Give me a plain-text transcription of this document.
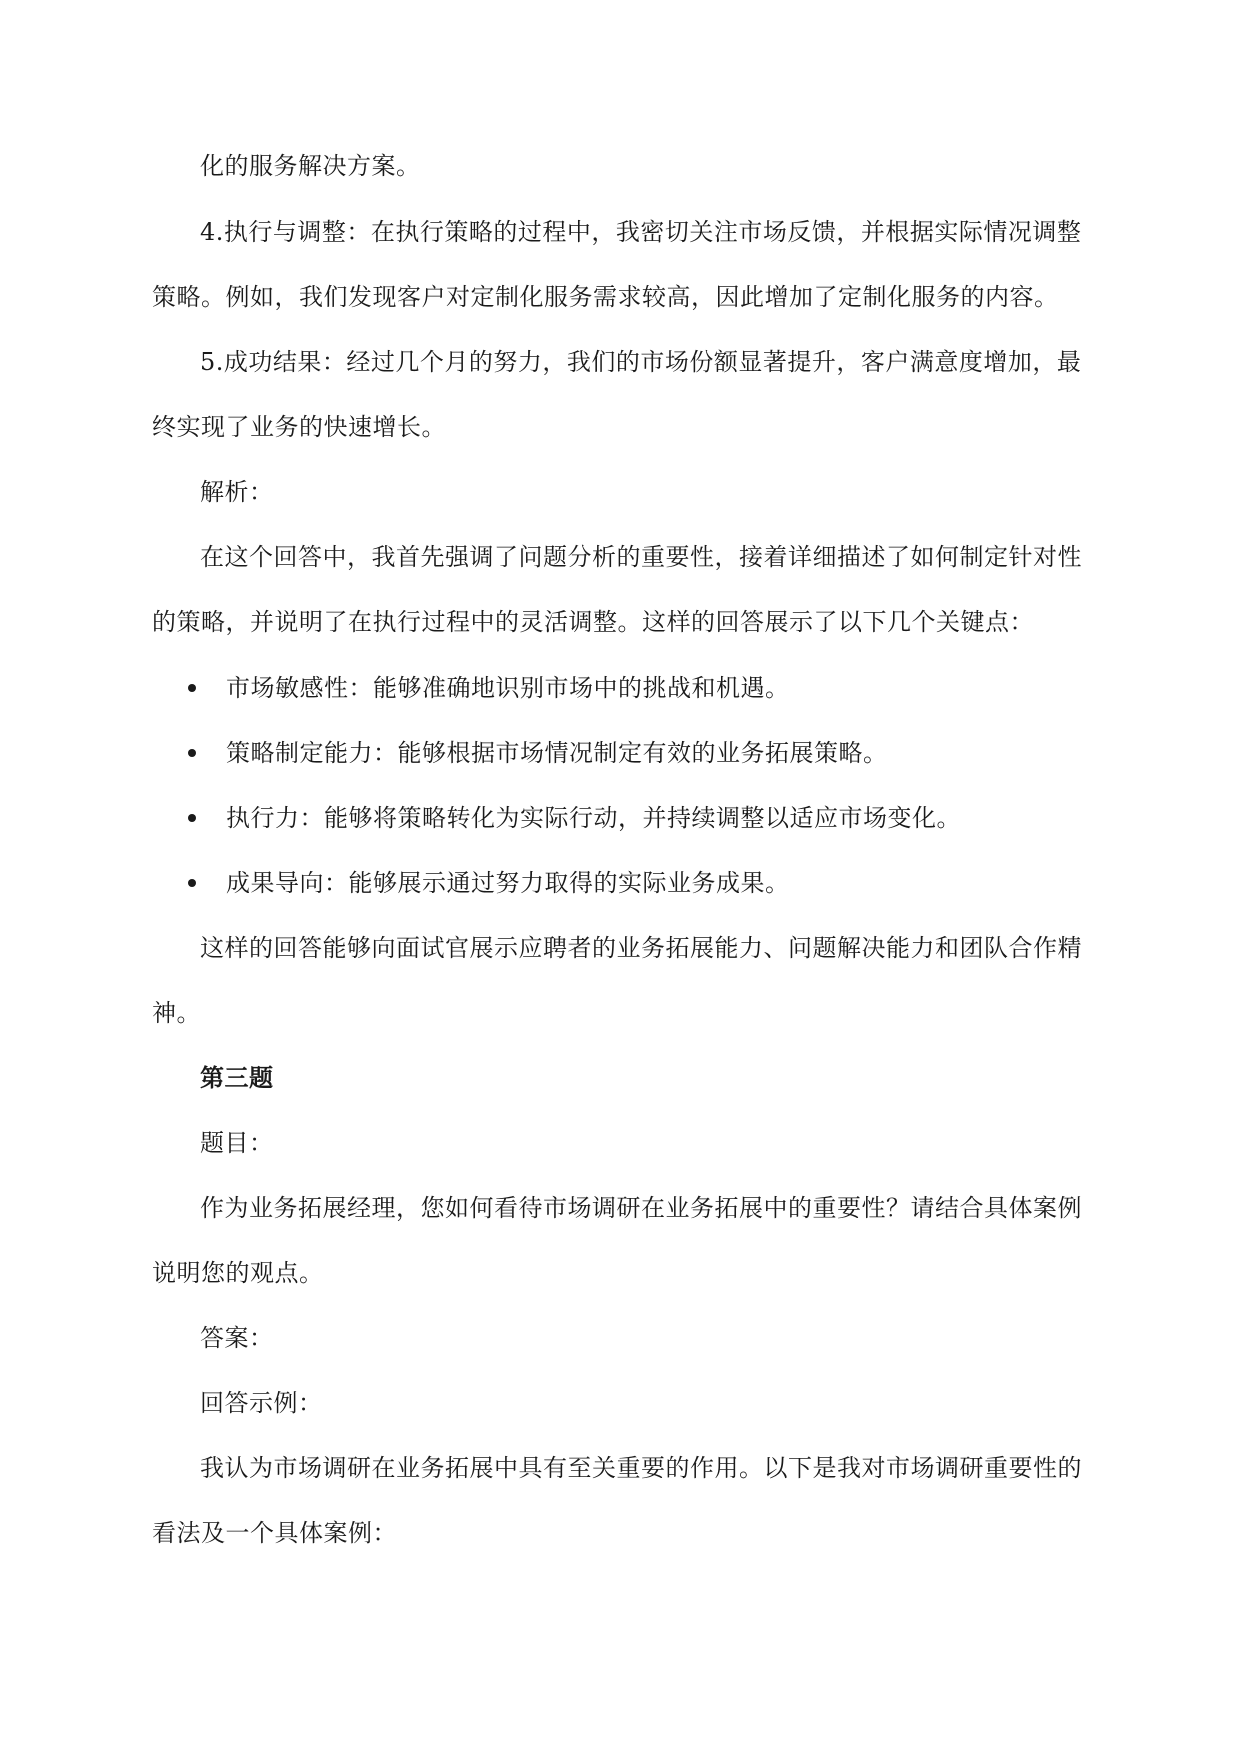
化的服务解决方案。
4.执行与调整：在执行策略的过程中，我密切关注市场反馈，并根据实际情况调整
策略。例如，我们发现客户对定制化服务需求较高，因此增加了定制化服务的内容。
5.成功结果：经过几个月的努力，我们的市场份额显著提升，客户满意度增加，最
终实现了业务的快速增长。
解析：
在这个回答中，我首先强调了问题分析的重要性，接着详细描述了如何制定针对性
的策略，并说明了在执行过程中的灵活调整。这样的回答展示了以下几个关键点：
市场敏感性：能够准确地识别市场中的挑战和机遇。
策略制定能力：能够根据市场情况制定有效的业务拓展策略。
执行力：能够将策略转化为实际行动，并持续调整以适应市场变化。
成果导向：能够展示通过努力取得的实际业务成果。
这样的回答能够向面试官展示应聘者的业务拓展能力、问题解决能力和团队合作精
神。
第三题
题目：
作为业务拓展经理，您如何看待市场调研在业务拓展中的重要性？请结合具体案例
说明您的观点。
答案：
回答示例：
我认为市场调研在业务拓展中具有至关重要的作用。以下是我对市场调研重要性的
看法及一个具体案例：
